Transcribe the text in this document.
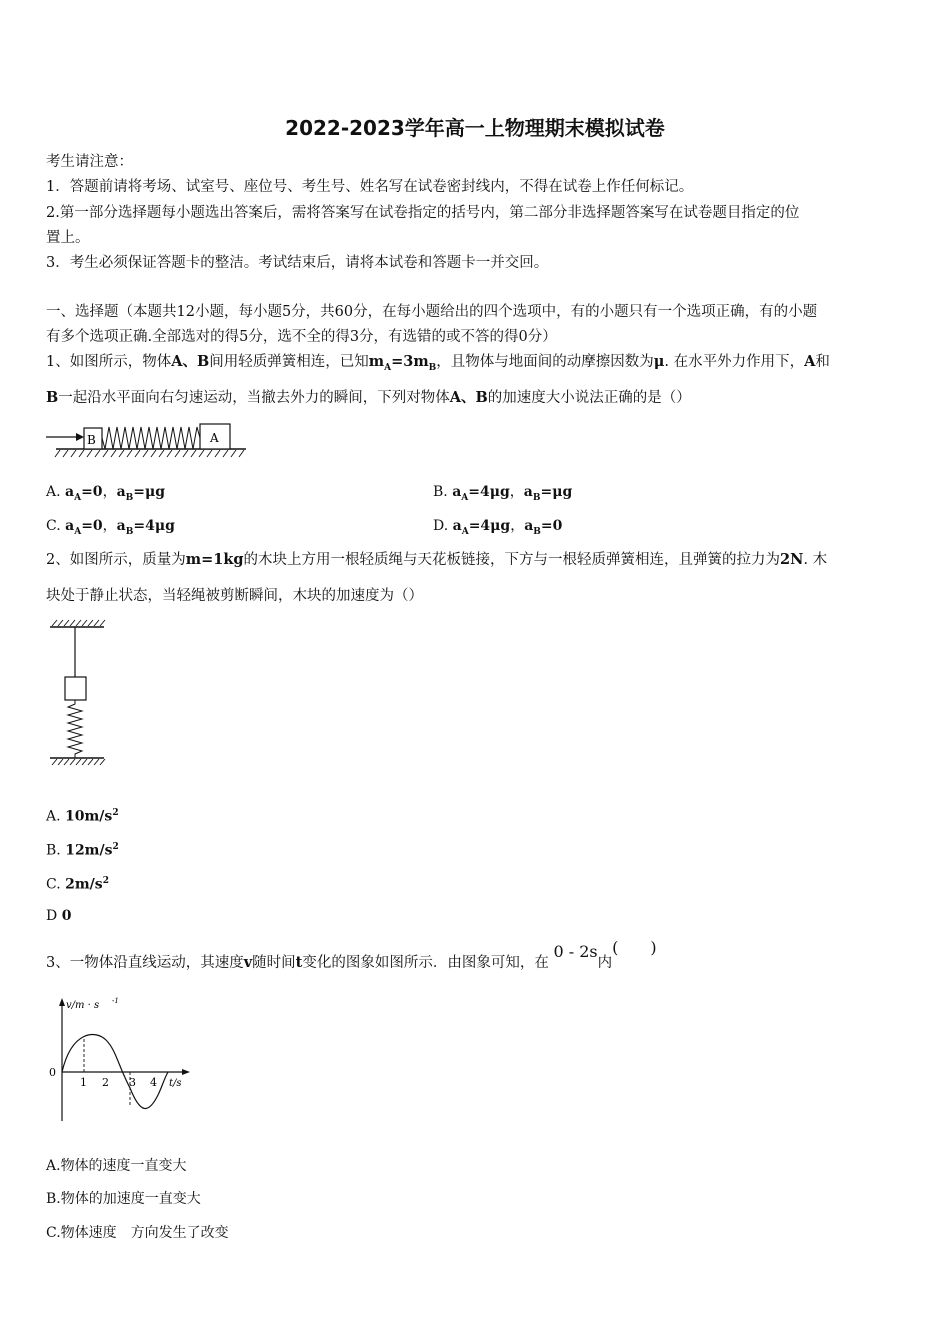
2022-2023学年高一上物理期末模拟试卷
考生请注意：
1．答题前请将考场、试室号、座位号、考生号、姓名写在试卷密封线内，不得在试卷上作任何标记。
2.第一部分选择题每小题选出答案后，需将答案写在试卷指定的括号内，第二部分非选择题答案写在试卷题目指定的位
置上。
3．考生必须保证答题卡的整洁。考试结束后，请将本试卷和答题卡一并交回。
一、选择题（本题共12小题，每小题5分，共60分，在每小题给出的四个选项中，有的小题只有一个选项正确，有的小题
有多个选项正确.全部选对的得5分，选不全的得3分，有选错的或不答的得0分）
1、如图所示，物体A、B间用轻质弹簧相连，已知$m_A=3m_B$，且物体与地面间的动摩擦因数为μ. 在水平外力作用下，A和
B一起沿水平面向右匀速运动，当撤去外力的瞬间，下列对物体A、B的加速度大小说法正确的是（）
B	A
A. $a_A=0$，$a_B=\mu g$	B. $a_A=4\mu g$，$a_B=\mu g$
C. $a_A=0$，$a_B=4\mu g$	D. $a_A=4\mu g$，$a_B=0$
2、如图所示，质量为m=1kg的木块上方用一根轻质绳与天花板链接，下方与一根轻质弹簧相连，且弹簧的拉力为2N. 木
块处于静止状态，当轻绳被剪断瞬间，木块的加速度为（）
A. $10m/s^2$
B. $12m/s^2$
C. $2m/s^2$
D 0
3、一物体沿直线运动，其速度v随时间t变化的图象如图所示．由图象可知，在 0 - 2s内(　　)
v/m · s -1
0
1 2 3 4 t/s
A.物体的速度一直变大
B.物体的加速度一直变大
C.物体速度　方向发生了改变
